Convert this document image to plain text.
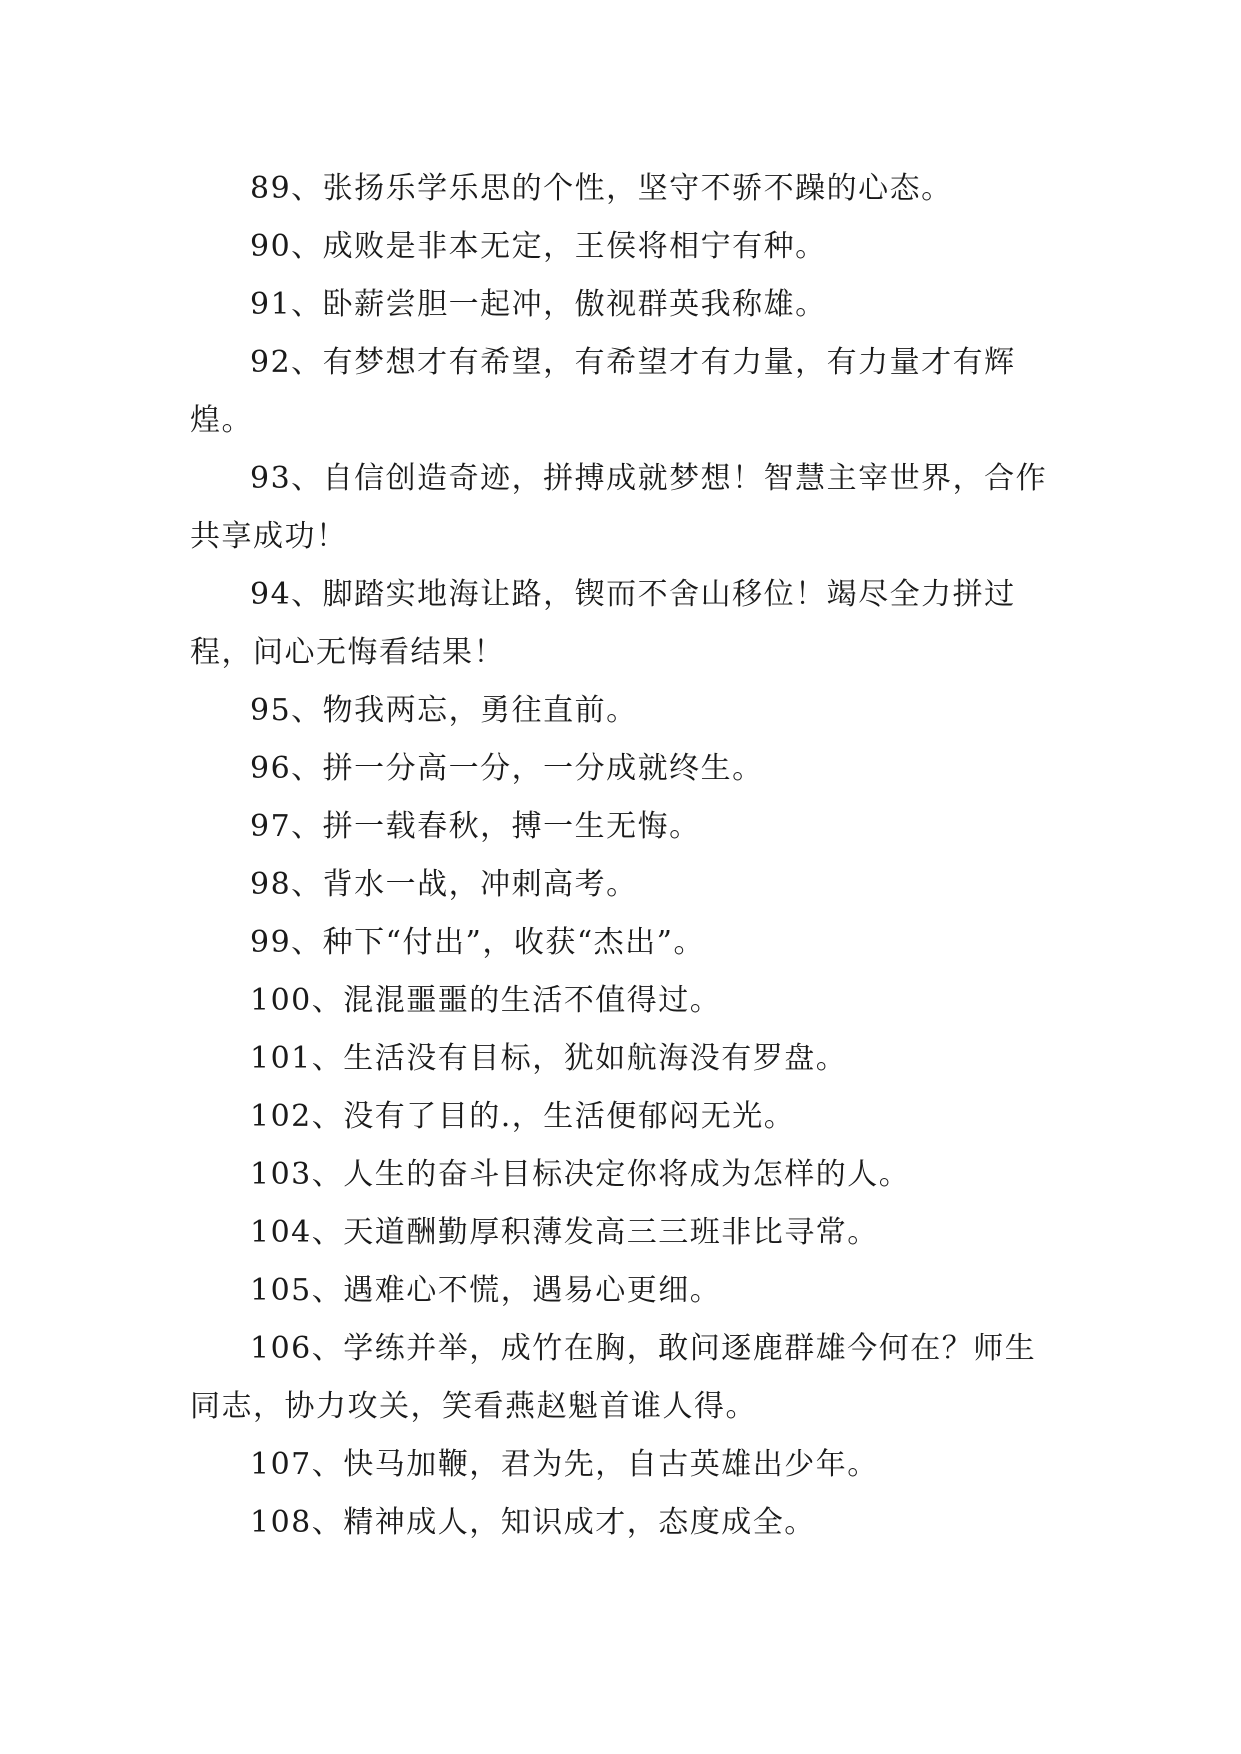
89、张扬乐学乐思的个性，坚守不骄不躁的心态。

90、成败是非本无定，王侯将相宁有种。

91、卧薪尝胆一起冲，傲视群英我称雄。

92、有梦想才有希望，有希望才有力量，有力量才有辉煌。

93、自信创造奇迹，拼搏成就梦想！智慧主宰世界，合作共享成功！

94、脚踏实地海让路，锲而不舍山移位！竭尽全力拼过程，问心无悔看结果！

95、物我两忘，勇往直前。

96、拼一分高一分，一分成就终生。

97、拼一载春秋，搏一生无悔。

98、背水一战，冲刺高考。

99、种下“付出”，收获“杰出”。

100、混混噩噩的生活不值得过。

101、生活没有目标，犹如航海没有罗盘。

102、没有了目的.，生活便郁闷无光。

103、人生的奋斗目标决定你将成为怎样的人。

104、天道酬勤厚积薄发高三三班非比寻常。

105、遇难心不慌，遇易心更细。

106、学练并举，成竹在胸，敢问逐鹿群雄今何在？师生同志，协力攻关，笑看燕赵魁首谁人得。

107、快马加鞭，君为先，自古英雄出少年。

108、精神成人，知识成才，态度成全。
